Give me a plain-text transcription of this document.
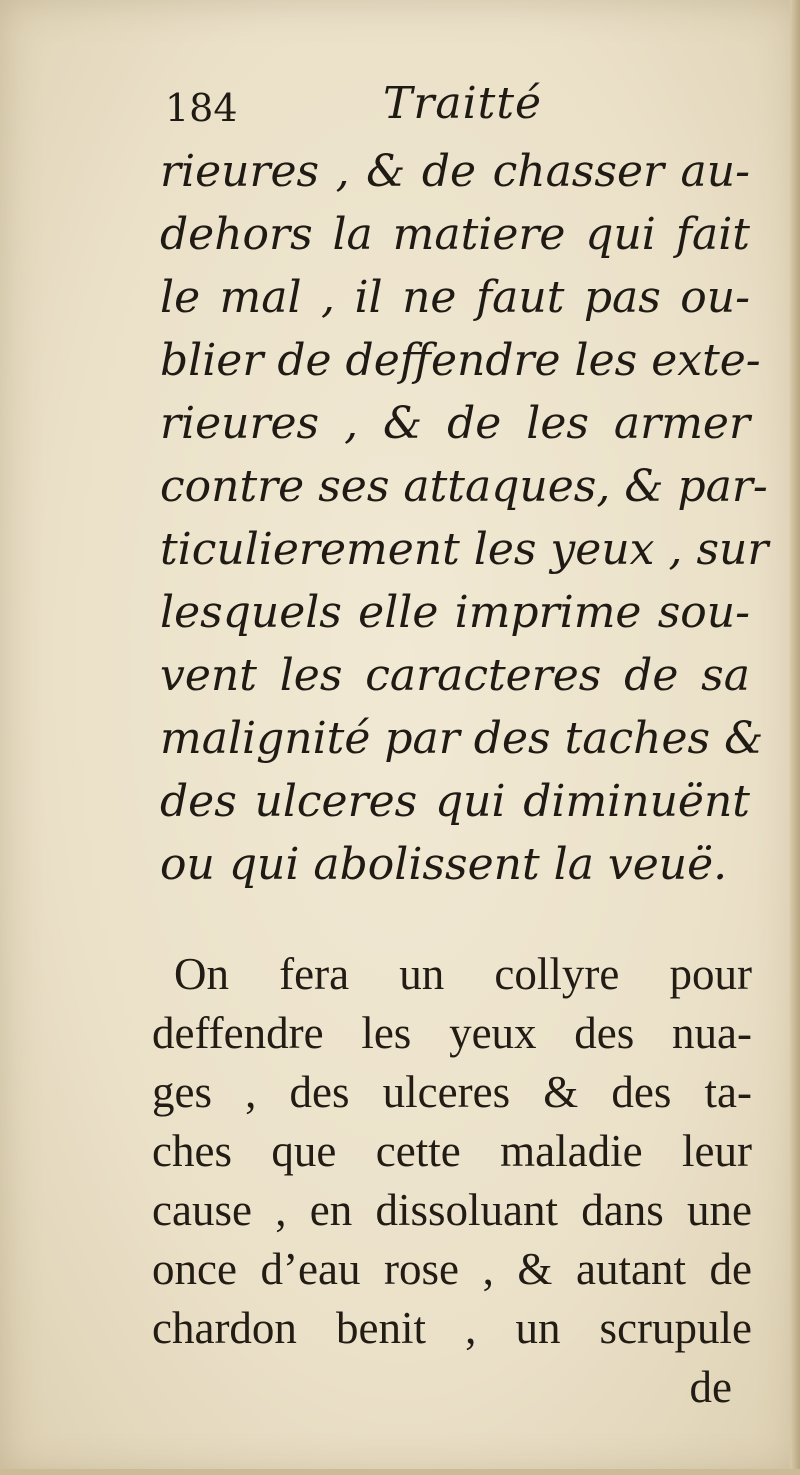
184	Traitté
rieures , & de chasser au-
dehors la matiere qui fait
le mal , il ne faut pas ou-
blier de deffendre les exte-
rieures , & de les armer
contre ses attaques, & par-
ticulierement les yeux , sur
lesquels elle imprime sou-
vent les caracteres de sa
malignité par des taches &
des ulceres qui diminuënt
ou qui abolissent la veuë.
On fera un collyre pour
deffendre les yeux des nua-
ges , des ulceres & des ta-
ches que cette maladie leur
cause , en dissoluant dans une
once d’eau rose , & autant de
chardon benit , un scrupule
de
